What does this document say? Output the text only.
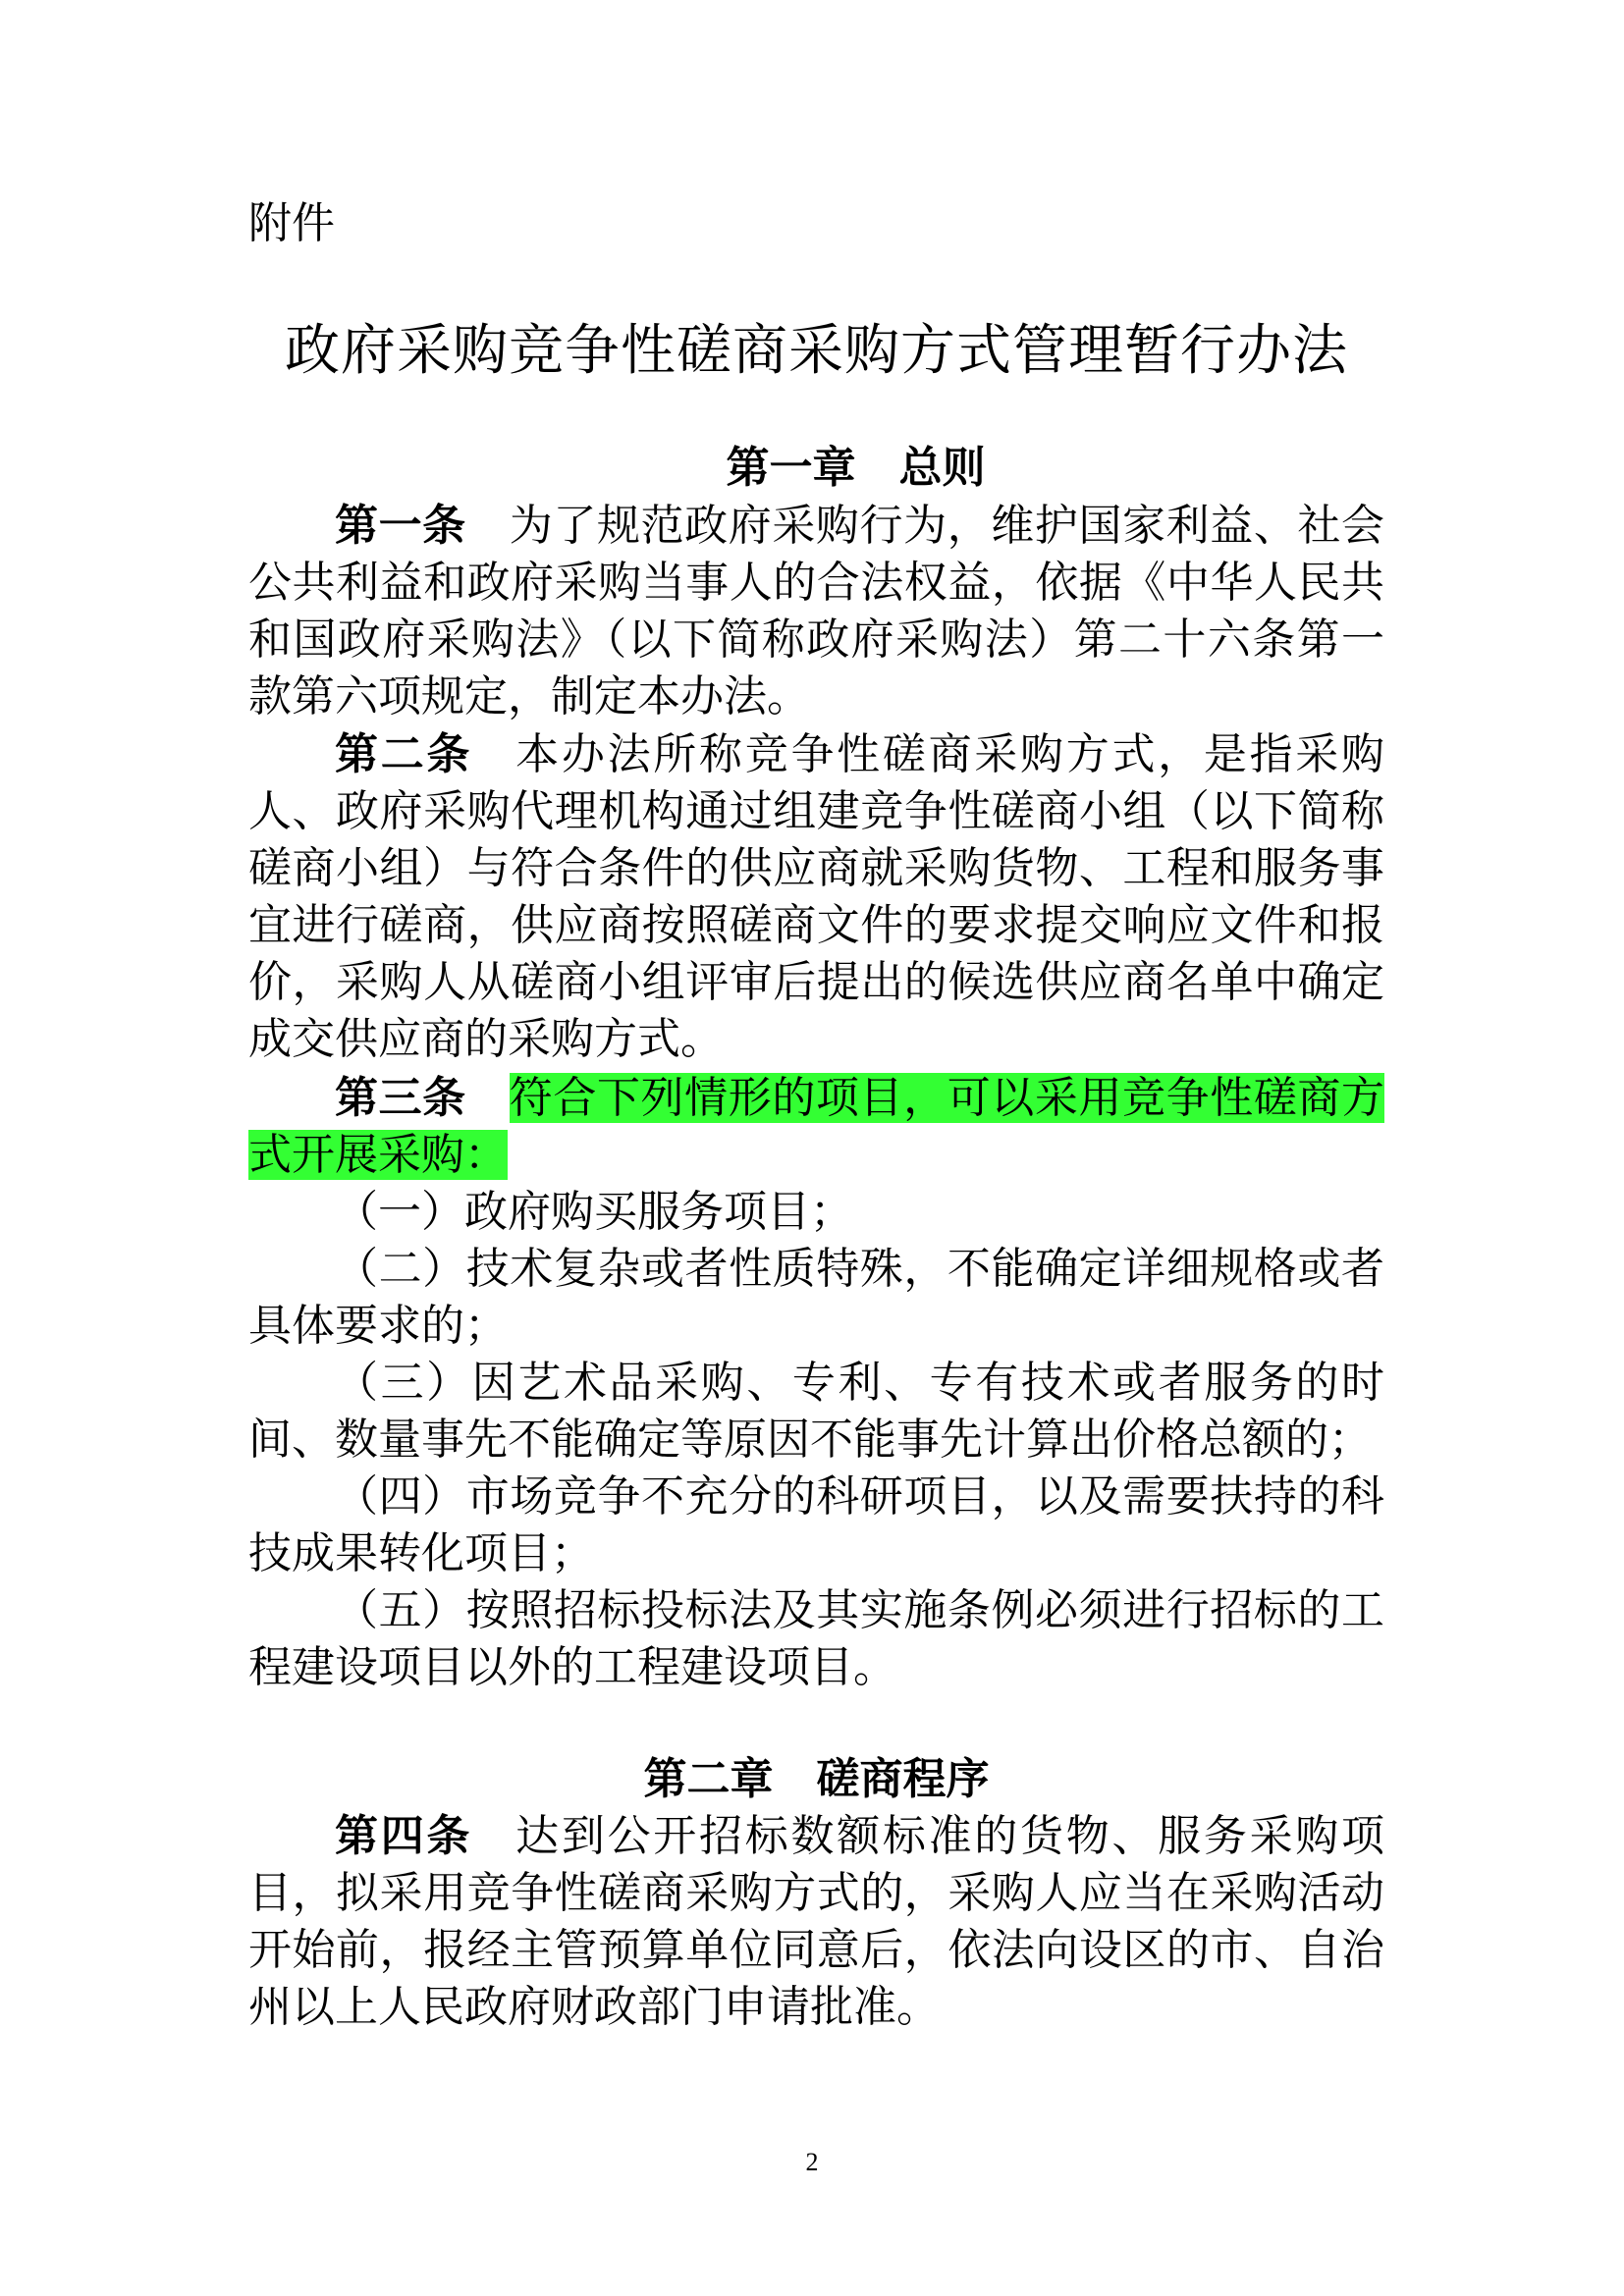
附件
政府采购竞争性磋商采购方式管理暂行办法
第一章 总则

第一条 为了规范政府采购行为，维护国家利益、社会公共利益和政府采购当事人的合法权益，依据《中华人民共和国政府采购法》（以下简称政府采购法）第二十六条第一款第六项规定，制定本办法。

第二条 本办法所称竞争性磋商采购方式，是指采购人、政府采购代理机构通过组建竞争性磋商小组（以下简称磋商小组）与符合条件的供应商就采购货物、工程和服务事宜进行磋商，供应商按照磋商文件的要求提交响应文件和报价，采购人从磋商小组评审后提出的候选供应商名单中确定成交供应商的采购方式。

第三条 符合下列情形的项目，可以采用竞争性磋商方式开展采购：

（一）政府购买服务项目；

（二）技术复杂或者性质特殊，不能确定详细规格或者具体要求的；

（三）因艺术品采购、专利、专有技术或者服务的时间、数量事先不能确定等原因不能事先计算出价格总额的；

（四）市场竞争不充分的科研项目，以及需要扶持的科技成果转化项目；

（五）按照招标投标法及其实施条例必须进行招标的工程建设项目以外的工程建设项目。

第二章 磋商程序

第四条 达到公开招标数额标准的货物、服务采购项目，拟采用竞争性磋商采购方式的，采购人应当在采购活动开始前，报经主管预算单位同意后，依法向设区的市、自治州以上人民政府财政部门申请批准。

2
